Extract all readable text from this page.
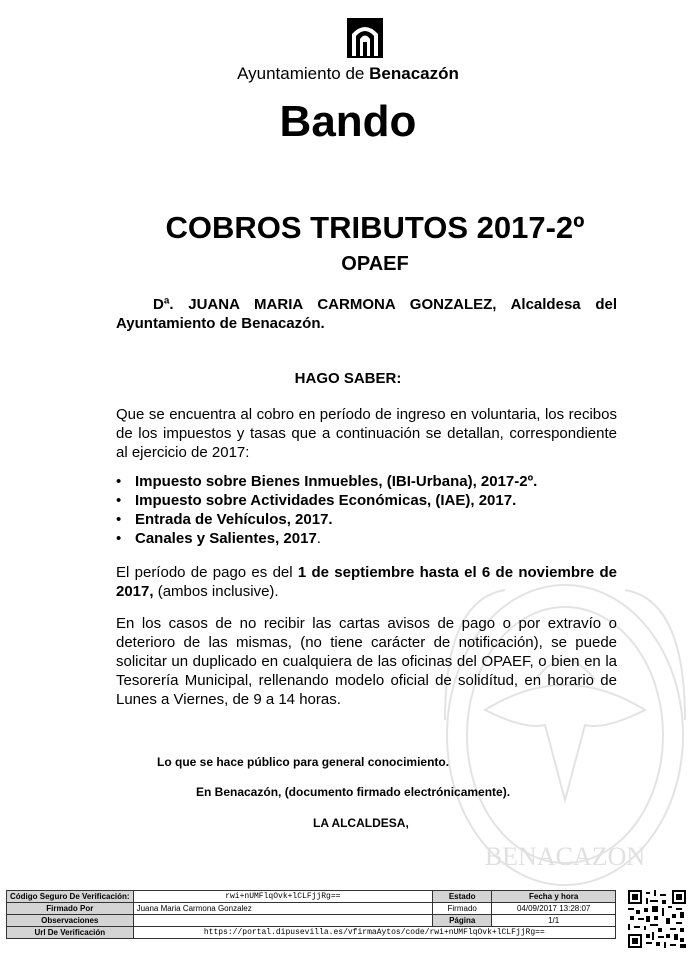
BENACAZON
Ayuntamiento de Benacazón
Bando
COBROS TRIBUTOS 2017-2º
OPAEF
Dª. JUANA MARIA CARMONA GONZALEZ, Alcaldesa del Ayuntamiento de Benacazón.
HAGO SABER:
Que se encuentra al cobro en período de ingreso en voluntaria, los recibos de los impuestos y tasas que a continuación se detallan, correspondiente al ejercicio de 2017:
• Impuesto sobre Bienes Inmuebles, (IBI-Urbana), 2017-2º.
• Impuesto sobre Actividades Económicas, (IAE), 2017.
• Entrada de Vehículos, 2017.
• Canales y Salientes, 2017.
El período de pago es del 1 de septiembre hasta el 6 de noviembre de 2017, (ambos inclusive).
En los casos de no recibir las cartas avisos de pago o por extravío o deterioro de las mismas, (no tiene carácter de notificación), se puede solicitar un duplicado en cualquiera de las oficinas del OPAEF, o bien en la Tesorería Municipal, rellenando modelo oficial de solidítud, en horario de Lunes a Viernes, de 9 a 14 horas.
Lo que se hace público para general conocimiento.
En Benacazón, (documento firmado electrónicamente).
LA ALCALDESA,
Código Seguro De Verificación:	rwi+nUMFlqOvk+lCLFjjRg==	Estado	Fecha y hora
Firmado Por	Juana Maria Carmona Gonzalez	Firmado	04/09/2017 13:28:07
Observaciones		Página	1/1
Url De Verificación	https://portal.dipusevilla.es/vfirmaAytos/code/rwi+nUMFlqOvk+lCLFjjRg==		
